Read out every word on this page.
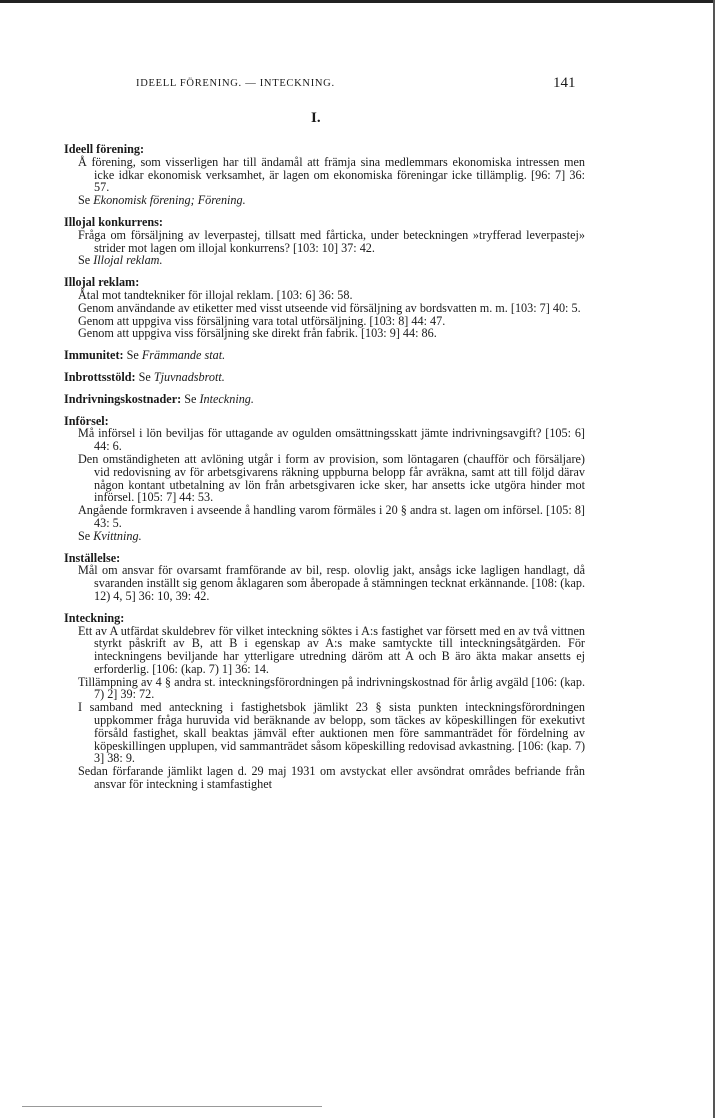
IDEELL FÖRENING. — INTECKNING.	141
I.
Ideell förening:
Å förening, som visserligen har till ändamål att främja sina medlemmars ekonomiska intressen men icke idkar ekonomisk verksamhet, är lagen om ekonomiska föreningar icke tillämplig. [96: 7] 36: 57.
Se Ekonomisk förening; Förening.
Illojal konkurrens:
Fråga om försäljning av leverpastej, tillsatt med fårticka, under beteckningen »tryfferad leverpastej» strider mot lagen om illojal konkurrens? [103: 10] 37: 42.
Se Illojal reklam.
Illojal reklam:
Åtal mot tandtekniker för illojal reklam. [103: 6] 36: 58.
Genom användande av etiketter med visst utseende vid försäljning av bordsvatten m. m. [103: 7] 40: 5.
Genom att uppgiva viss försäljning vara total utförsäljning. [103: 8] 44: 47.
Genom att uppgiva viss försäljning ske direkt från fabrik. [103: 9] 44: 86.
Immunitet: Se Främmande stat.
Inbrottsstöld: Se Tjuvnadsbrott.
Indrivningskostnader: Se Inteckning.
Införsel:
Må införsel i lön beviljas för uttagande av ogulden omsättningsskatt jämte indrivningsavgift? [105: 6] 44: 6.
Den omständigheten att avlöning utgår i form av provision, som löntagaren (chaufför och försäljare) vid redovisning av för arbetsgivarens räkning uppburna belopp får avräkna, samt att till följd därav någon kontant utbetalning av lön från arbetsgivaren icke sker, har ansetts icke utgöra hinder mot införsel. [105: 7] 44: 53.
Angående formkraven i avseende å handling varom förmäles i 20 § andra st. lagen om införsel. [105: 8] 43: 5.
Se Kvittning.
Inställelse:
Mål om ansvar för ovarsamt framförande av bil, resp. olovlig jakt, ansågs icke lagligen handlagt, då svaranden inställt sig genom åklagaren som åberopade å stämningen tecknat erkännande. [108: (kap. 12) 4, 5] 36: 10, 39: 42.
Inteckning:
Ett av A utfärdat skuldebrev för vilket inteckning söktes i A:s fastighet var försett med en av två vittnen styrkt påskrift av B, att B i egenskap av A:s make samtyckte till inteckningsåtgärden. För inteckningens beviljande har ytterligare utredning däröm att A och B äro äkta makar ansetts ej erforderlig. [106: (kap. 7) 1] 36: 14.
Tillämpning av 4 § andra st. inteckningsförordningen på indrivningskostnad för årlig avgäld [106: (kap. 7) 2] 39: 72.
I samband med anteckning i fastighetsbok jämlikt 23 § sista punkten inteckningsförordningen uppkommer fråga huruvida vid beräknande av belopp, som täckes av köpeskillingen för exekutivt försåld fastighet, skall beaktas jämväl efter auktionen men före sammanträdet för fördelning av köpeskillingen upplupen, vid sammanträdet såsom köpeskilling redovisad avkastning. [106: (kap. 7) 3] 38: 9.
Sedan förfarande jämlikt lagen d. 29 maj 1931 om avstyckat eller avsöndrat områdes befriande från ansvar för inteckning i stamfastighet
